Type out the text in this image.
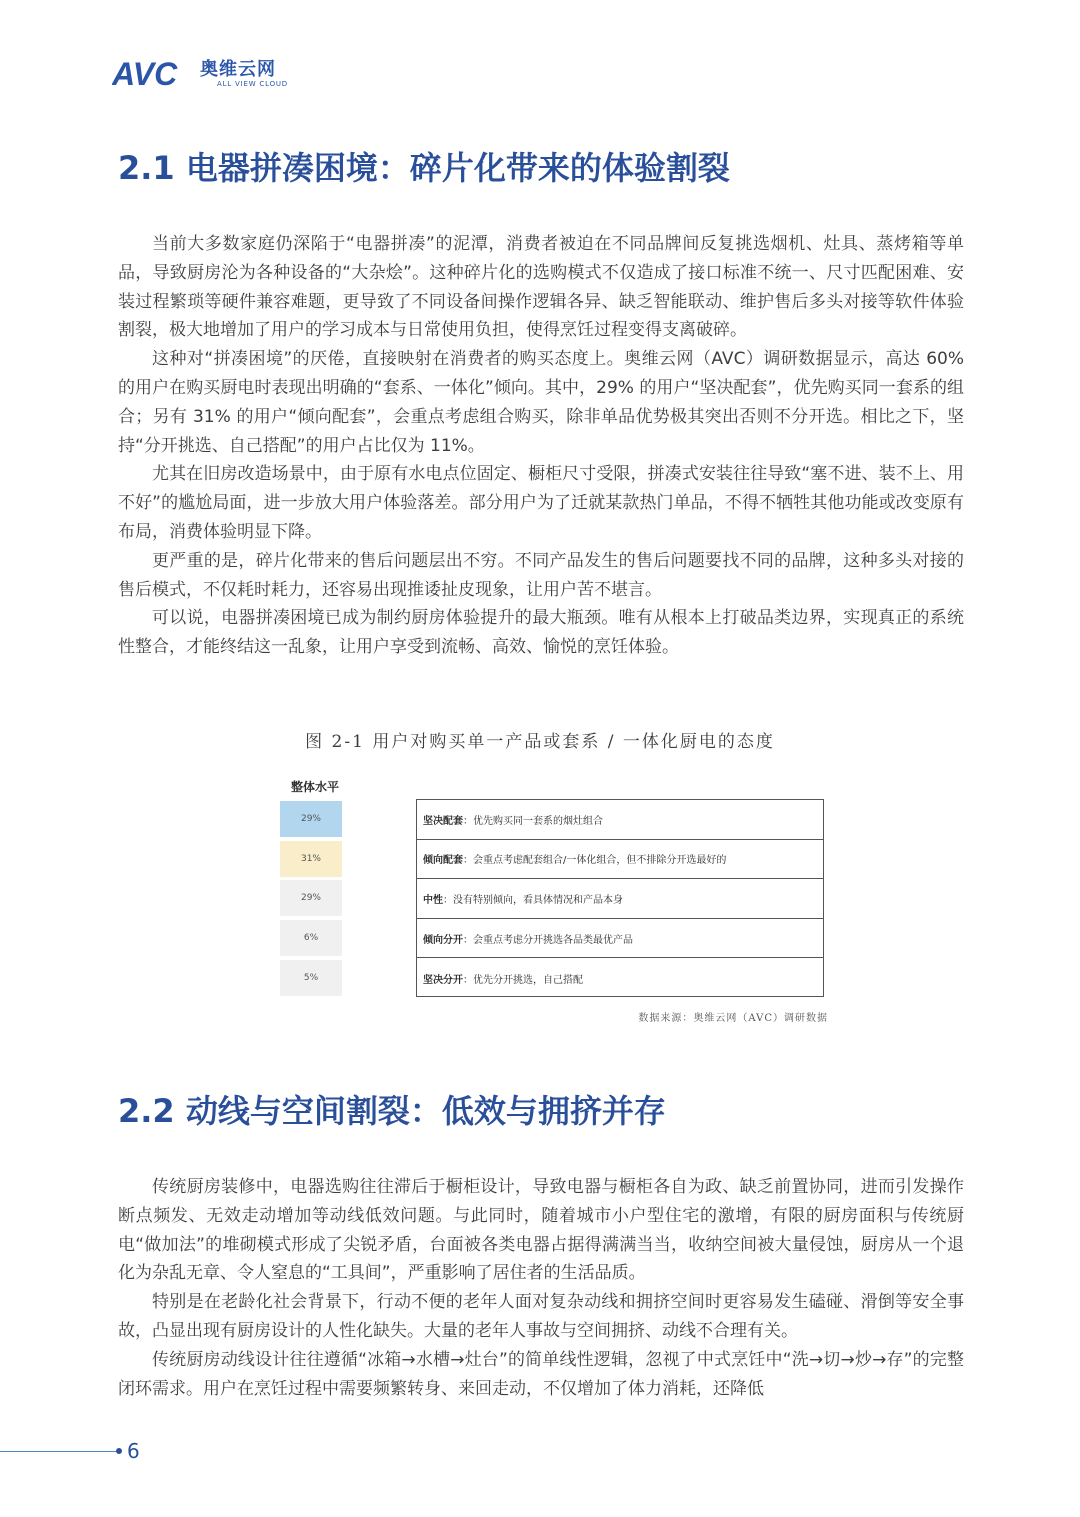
AVC 奥维云网
ALL VIEW CLOUD
2.1 电器拼凑困境：碎片化带来的体验割裂

当前大多数家庭仍深陷于“电器拼凑”的泥潭，消费者被迫在不同品牌间反复挑选烟机、灶具、蒸烤箱等单品，导致厨房沦为各种设备的“大杂烩”。这种碎片化的选购模式不仅造成了接口标准不统一、尺寸匹配困难、安装过程繁琐等硬件兼容难题，更导致了不同设备间操作逻辑各异、缺乏智能联动、维护售后多头对接等软件体验割裂，极大地增加了用户的学习成本与日常使用负担，使得烹饪过程变得支离破碎。

这种对“拼凑困境”的厌倦，直接映射在消费者的购买态度上。奥维云网（AVC）调研数据显示，高达 60% 的用户在购买厨电时表现出明确的“套系、一体化”倾向。其中，29% 的用户“坚决配套”，优先购买同一套系的组合；另有 31% 的用户“倾向配套”，会重点考虑组合购买，除非单品优势极其突出否则不分开选。相比之下，坚持“分开挑选、自己搭配”的用户占比仅为 11%。

尤其在旧房改造场景中，由于原有水电点位固定、橱柜尺寸受限，拼凑式安装往往导致“塞不进、装不上、用不好”的尴尬局面，进一步放大用户体验落差。部分用户为了迁就某款热门单品，不得不牺牲其他功能或改变原有布局，消费体验明显下降。

更严重的是，碎片化带来的售后问题层出不穷。不同产品发生的售后问题要找不同的品牌，这种多头对接的售后模式，不仅耗时耗力，还容易出现推诿扯皮现象，让用户苦不堪言。

可以说，电器拼凑困境已成为制约厨房体验提升的最大瓶颈。唯有从根本上打破品类边界，实现真正的系统性整合，才能终结这一乱象，让用户享受到流畅、高效、愉悦的烹饪体验。

图 2-1 用户对购买单一产品或套系 / 一体化厨电的态度
整体水平
29%
31%
29%
6%
5%
坚决配套 ：优先购买同一套系的烟灶组合
倾向配套 ：会重点考虑配套组合/一体化组合，但不排除分开选最好的
中性 ：没有特别倾向，看具体情况和产品本身
倾向分开 ：会重点考虑分开挑选各品类最优产品
坚决分开 ：优先分开挑选，自己搭配
数据来源：奥维云网（AVC）调研数据
2.2 动线与空间割裂：低效与拥挤并存

传统厨房装修中，电器选购往往滞后于橱柜设计，导致电器与橱柜各自为政、缺乏前置协同，进而引发操作断点频发、无效走动增加等动线低效问题。与此同时，随着城市小户型住宅的激增，有限的厨房面积与传统厨电“做加法”的堆砌模式形成了尖锐矛盾，台面被各类电器占据得满满当当，收纳空间被大量侵蚀，厨房从一个退化为杂乱无章、令人窒息的“工具间”，严重影响了居住者的生活品质。

特别是在老龄化社会背景下，行动不便的老年人面对复杂动线和拥挤空间时更容易发生磕碰、滑倒等安全事故，凸显出现有厨房设计的人性化缺失。大量的老年人事故与空间拥挤、动线不合理有关。

传统厨房动线设计往往遵循“冰箱→水槽→灶台”的简单线性逻辑，忽视了中式烹饪中“洗→切→炒→存”的完整闭环需求。用户在烹饪过程中需要频繁转身、来回走动，不仅增加了体力消耗，还降低

6
